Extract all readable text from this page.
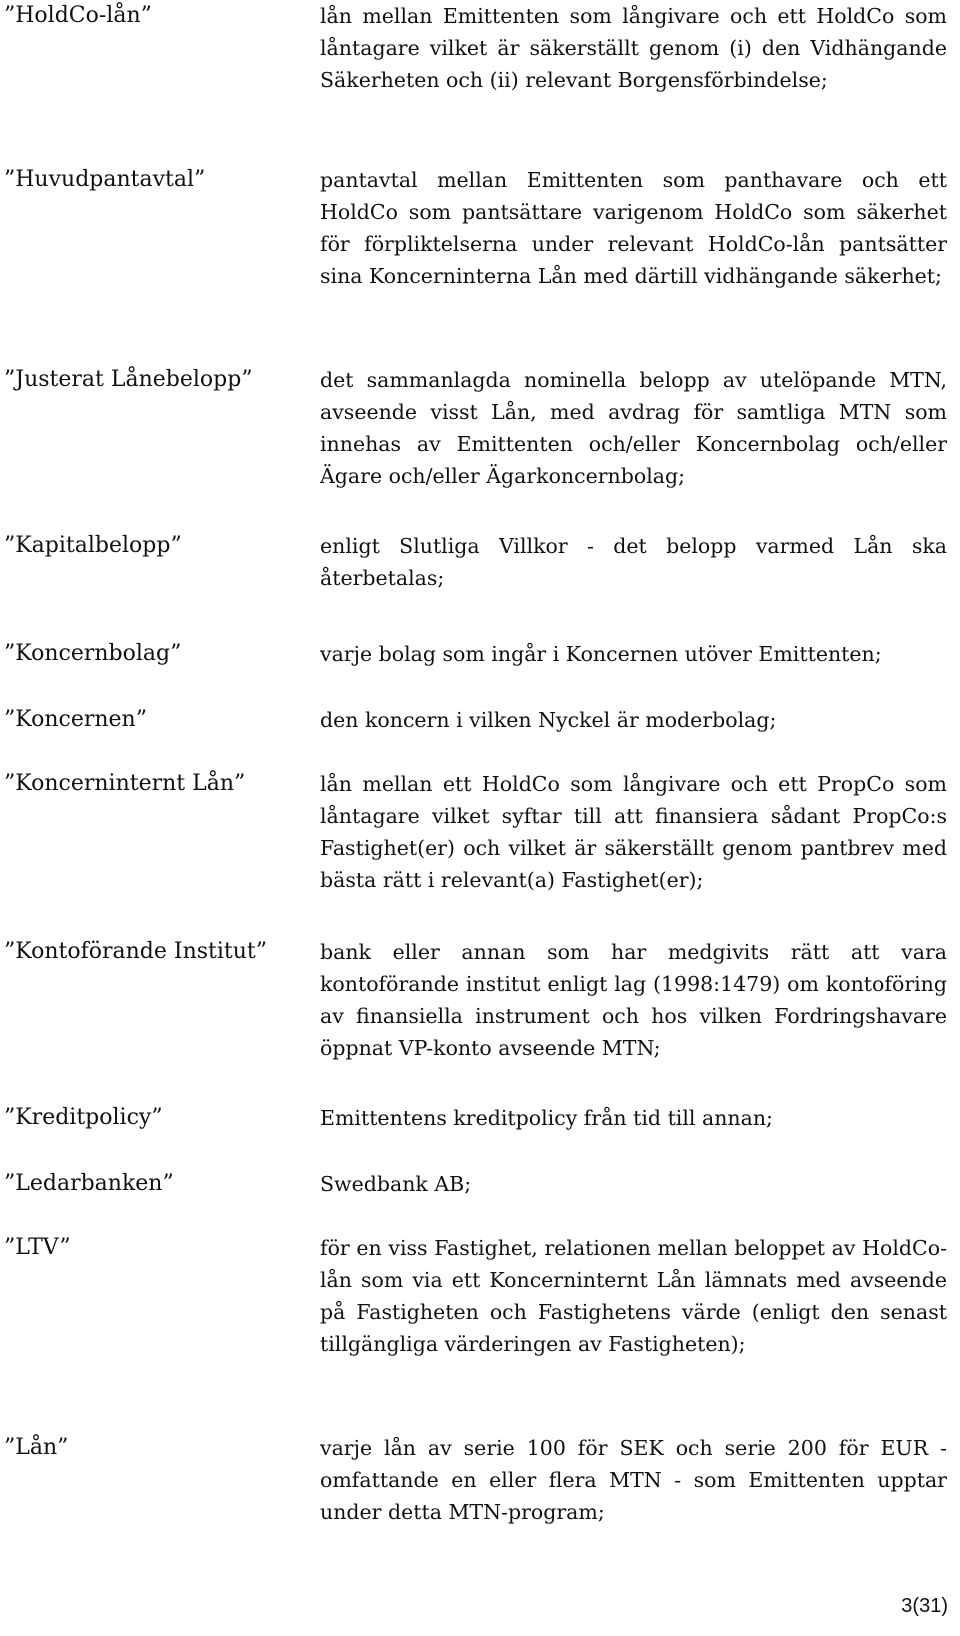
”HoldCo-lån”	lån mellan Emittenten som långivare och ett HoldCo som låntagare vilket är säkerställt genom (i) den Vidhängande Säkerheten och (ii) relevant Borgensförbindelse;
”Huvudpantavtal”	pantavtal mellan Emittenten som panthavare och ett HoldCo som pantsättare varigenom HoldCo som säkerhet för förpliktelserna under relevant HoldCo-lån pantsätter sina Koncerninterna Lån med därtill vidhängande säkerhet;
”Justerat Lånebelopp”	det sammanlagda nominella belopp av utelöpande MTN, avseende visst Lån, med avdrag för samtliga MTN som innehas av Emittenten och/eller Koncernbolag och/eller Ägare och/eller Ägarkoncernbolag;
”Kapitalbelopp”	enligt Slutliga Villkor - det belopp varmed Lån ska återbetalas;
”Koncernbolag”	varje bolag som ingår i Koncernen utöver Emittenten;
”Koncernen”	den koncern i vilken Nyckel är moderbolag;
”Koncerninternt Lån”	lån mellan ett HoldCo som långivare och ett PropCo som låntagare vilket syftar till att finansiera sådant PropCo:s Fastighet(er) och vilket är säkerställt genom pantbrev med bästa rätt i relevant(a) Fastighet(er);
”Kontoförande Institut”	bank eller annan som har medgivits rätt att vara kontoförande institut enligt lag (1998:1479) om kontoföring av finansiella instrument och hos vilken Fordringshavare öppnat VP-konto avseende MTN;
”Kreditpolicy”	Emittentens kreditpolicy från tid till annan;
”Ledarbanken”	Swedbank AB;
”LTV”	för en viss Fastighet, relationen mellan beloppet av HoldCo-lån som via ett Koncerninternt Lån lämnats med avseende på Fastigheten och Fastighetens värde (enligt den senast tillgängliga värderingen av Fastigheten);
”Lån”	varje lån av serie 100 för SEK och serie 200 för EUR - omfattande en eller flera MTN - som Emittenten upptar under detta MTN-program;
3(31)
